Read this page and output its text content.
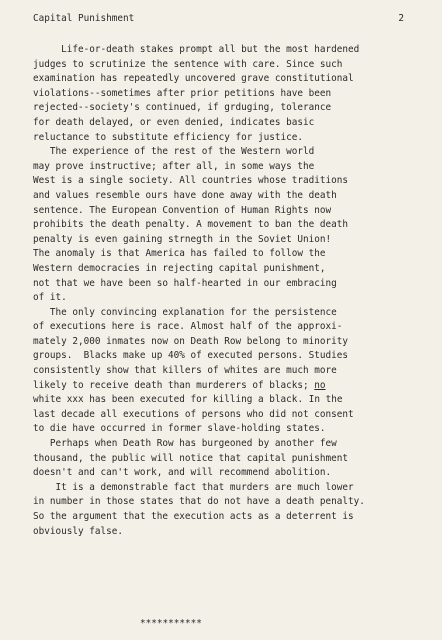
Capital Punishment	2
Life-or-death stakes prompt all but the most hardened
judges to scrutinize the sentence with care. Since such
examination has repeatedly uncovered grave constitutional
violations--sometimes after prior petitions have been
rejected--society's continued, if grduging, tolerance
for death delayed, or even denied, indicates basic
reluctance to substitute efficiency for justice.
The experience of the rest of the Western world
may prove instructive; after all, in some ways the
West is a single society. All countries whose traditions
and values resemble ours have done away with the death
sentence. The European Convention of Human Rights now
prohibits the death penalty. A movement to ban the death
penalty is even gaining strnegth in the Soviet Union!
The anomaly is that America has failed to follow the
Western democracies in rejecting capital punishment,
not that we have been so half-hearted in our embracing
of it.
The only convincing explanation for the persistence
of executions here is race. Almost half of the approxi-
mately 2,000 inmates now on Death Row belong to minority
groups.  Blacks make up 40% of executed persons. Studies
consistently show that killers of whites are much more
likely to receive death than murderers of blacks; no
white xxx has been executed for killing a black. In the
last decade all executions of persons who did not consent
to die have occurred in former slave-holding states.
Perhaps when Death Row has burgeoned by another few
thousand, the public will notice that capital punishment
doesn't and can't work, and will recommend abolition.
It is a demonstrable fact that murders are much lower
in number in those states that do not have a death penalty.
So the argument that the execution acts as a deterrent is
obviously false.
***********
